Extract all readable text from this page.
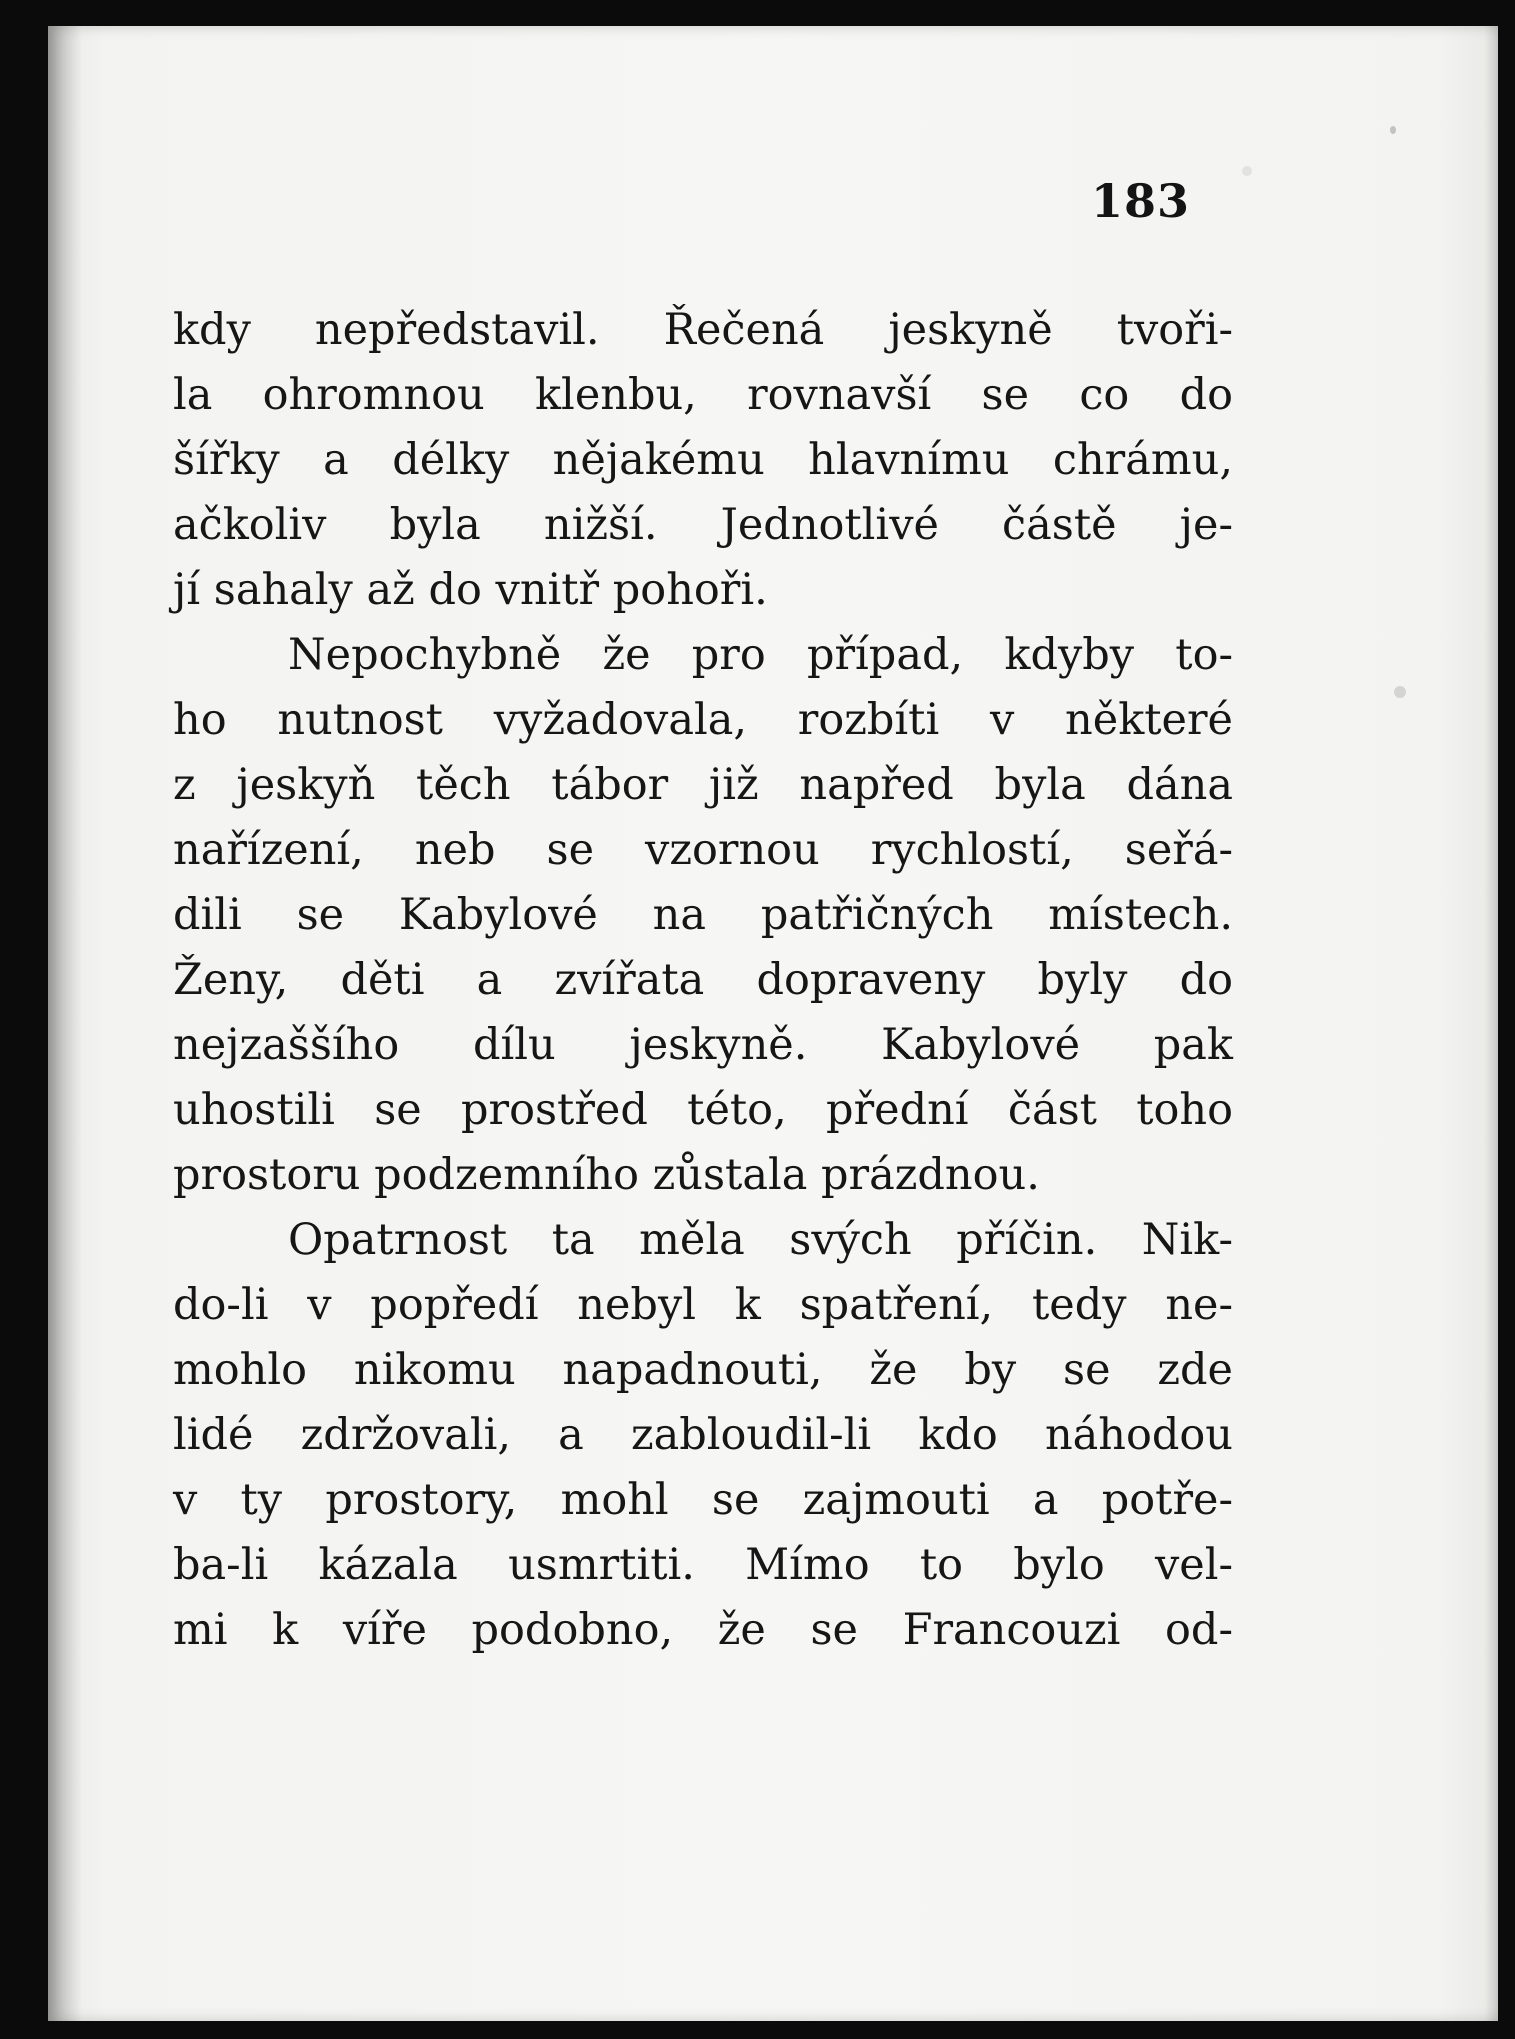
183
kdy nepředstavil. Řečená jeskyně tvoři-
la ohromnou klenbu, rovnavší se co do
šířky a délky nějakému hlavnímu chrámu,
ačkoliv byla nižší. Jednotlivé částě je-
jí sahaly až do vnitř pohoři.
Nepochybně že pro případ, kdyby to-
ho nutnost vyžadovala, rozbíti v některé
z jeskyň těch tábor již napřed byla dána
nařízení, neb se vzornou rychlostí, seřá-
dili se Kabylové na patřičných místech.
Ženy, děti a zvířata dopraveny byly do
nejzaššího dílu jeskyně. Kabylové pak
uhostili se prostřed této, přední část toho
prostoru podzemního zůstala prázdnou.
Opatrnost ta měla svých příčin. Nik-
do-li v popředí nebyl k spatření, tedy ne-
mohlo nikomu napadnouti, že by se zde
lidé zdržovali, a zabloudil-li kdo náhodou
v ty prostory, mohl se zajmouti a potře-
ba-li kázala usmrtiti. Mímo to bylo vel-
mi k víře podobno, že se Francouzi od-
